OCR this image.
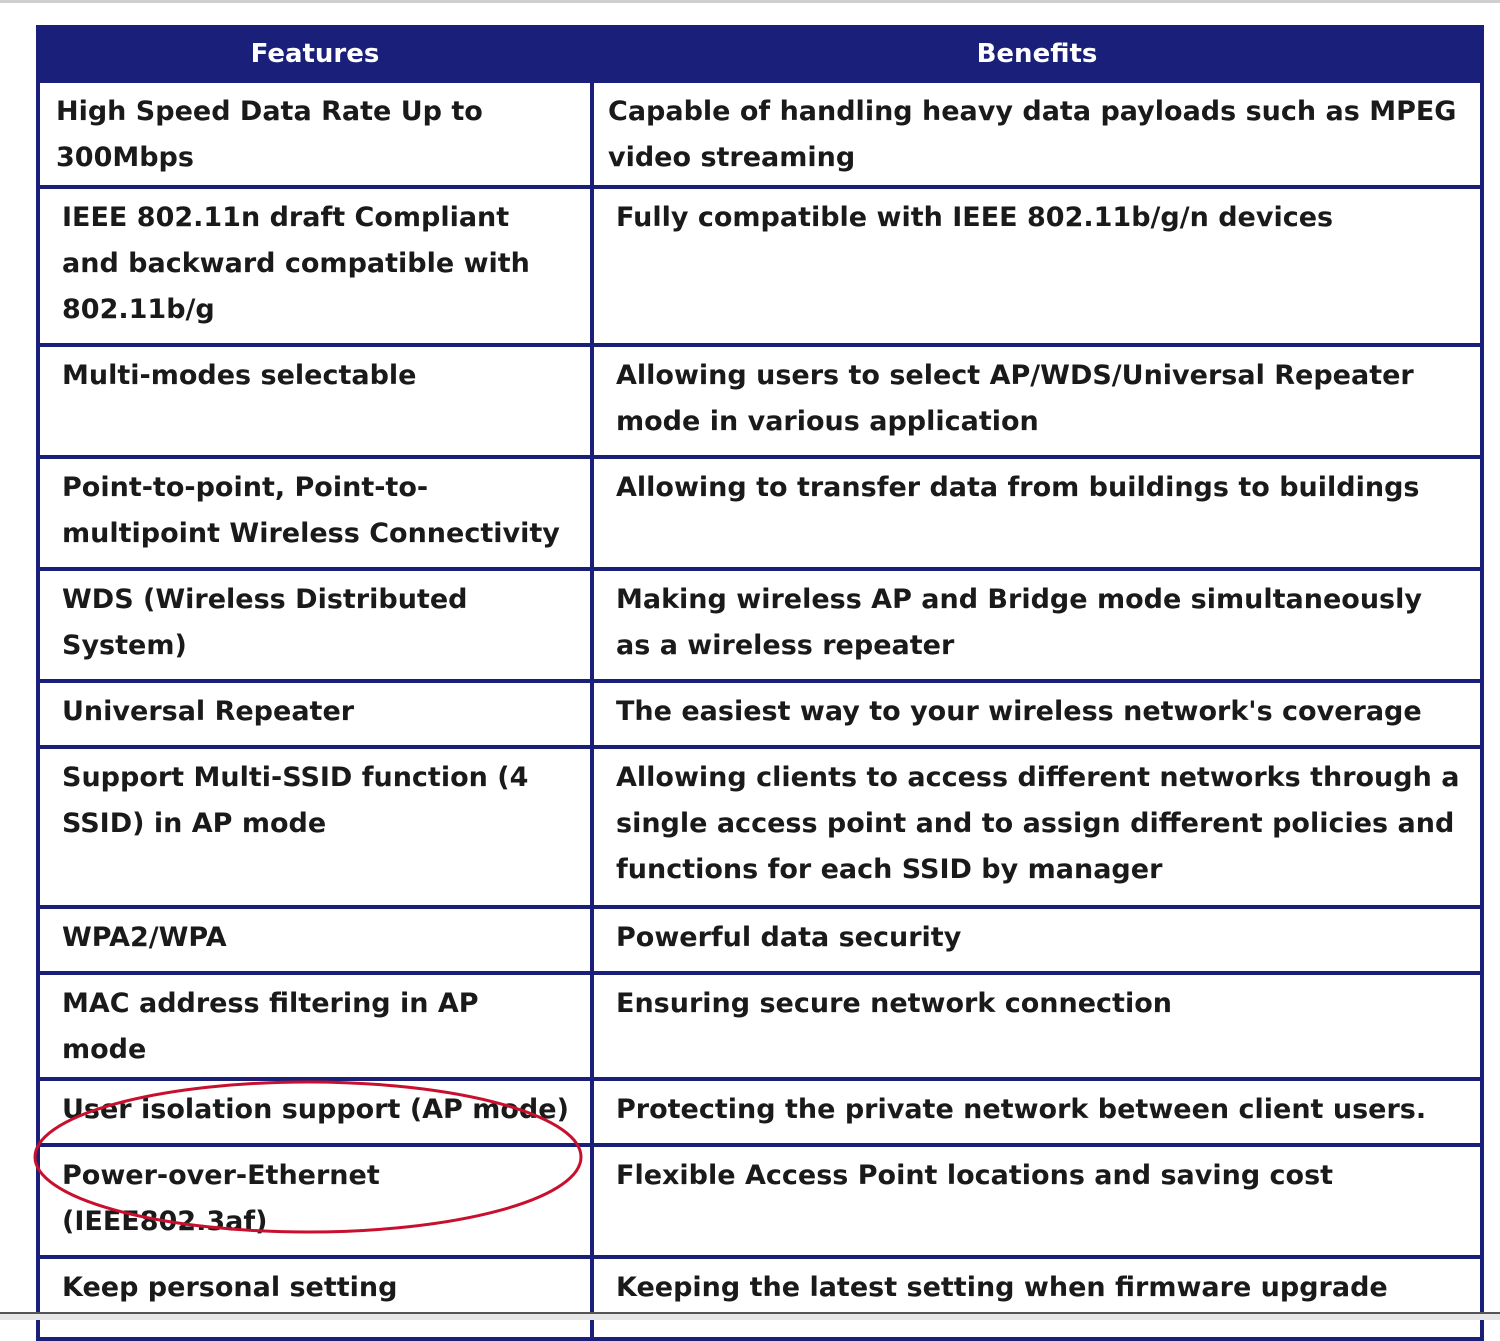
Features	Benefits
High Speed Data Rate Up to 300Mbps	Capable of handling heavy data payloads such as MPEG video streaming
IEEE 802.11n draft Compliant and backward compatible with 802.11b/g	Fully compatible with IEEE 802.11b/g/n devices
Multi-modes selectable	Allowing users to select AP/WDS/Universal Repeater mode in various application
Point-to-point, Point-to-multipoint Wireless Connectivity	Allowing to transfer data from buildings to buildings
WDS (Wireless Distributed System)	Making wireless AP and Bridge mode simultaneously as a wireless repeater
Universal Repeater	The easiest way to your wireless network's coverage
Support Multi-SSID function (4 SSID) in AP mode	Allowing clients to access different networks through a single access point and to assign different policies and functions for each SSID by manager
WPA2/WPA	Powerful data security
MAC address filtering in AP mode	Ensuring secure network connection
User isolation support (AP mode)	Protecting the private network between client users.
Power-over-Ethernet (IEEE802.3af)	Flexible Access Point locations and saving cost
Keep personal setting	Keeping the latest setting when firmware upgrade
